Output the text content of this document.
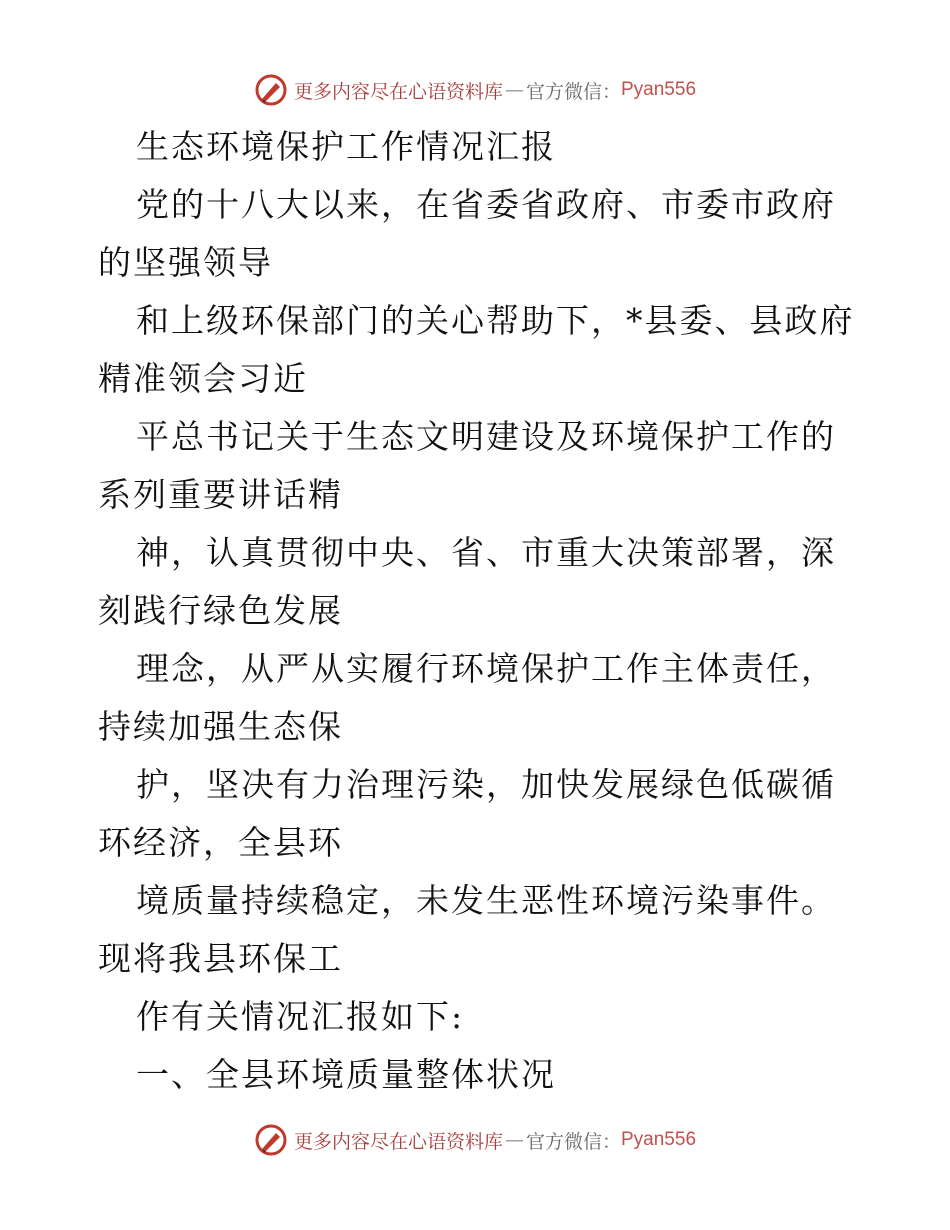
更多内容尽在心语资料库 — 官方微信： Pyan556

生态环境保护工作情况汇报

党的十八大以来，在省委省政府、市委市政府的坚强领导

和上级环保部门的关心帮助下，*县委、县政府精准领会习近

平总书记关于生态文明建设及环境保护工作的系列重要讲话精

神，认真贯彻中央、省、市重大决策部署，深刻践行绿色发展

理念，从严从实履行环境保护工作主体责任，持续加强生态保

护，坚决有力治理污染，加快发展绿色低碳循环经济，全县环

境质量持续稳定，未发生恶性环境污染事件。现将我县环保工

作有关情况汇报如下:

一、全县环境质量整体状况

更多内容尽在心语资料库 — 官方微信： Pyan556
